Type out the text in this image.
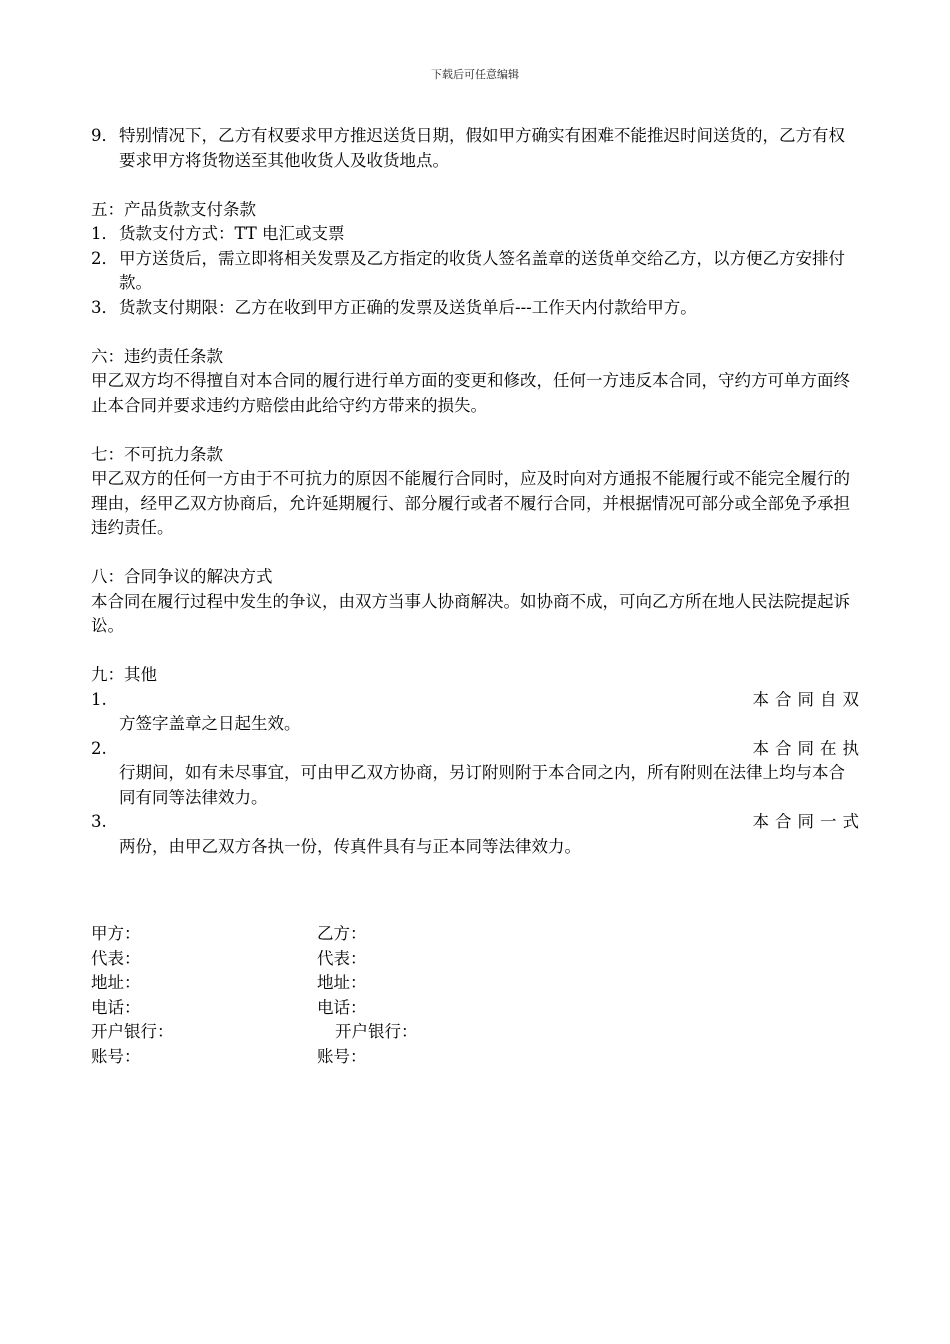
下载后可任意编辑
9． 特别情况下，乙方有权要求甲方推迟送货日期，假如甲方确实有困难不能推迟时间送货的，乙方有权要求甲方将货物送至其他收货人及收货地点。

五：产品货款支付条款

1． 货款支付方式：TT 电汇或支票
2． 甲方送货后，需立即将相关发票及乙方指定的收货人签名盖章的送货单交给乙方，以方便乙方安排付款。
3． 货款支付期限：乙方在收到甲方正确的发票及送货单后---工作天内付款给甲方。

六：违约责任条款

甲乙双方均不得擅自对本合同的履行进行单方面的变更和修改，任何一方违反本合同，守约方可单方面终止本合同并要求违约方赔偿由此给守约方带来的损失。

七：不可抗力条款

甲乙双方的任何一方由于不可抗力的原因不能履行合同时，应及时向对方通报不能履行或不能完全履行的理由，经甲乙双方协商后，允许延期履行、部分履行或者不履行合同，并根据情况可部分或全部免予承担违约责任。

八：合同争议的解决方式

本合同在履行过程中发生的争议，由双方当事人协商解决。如协商不成，可向乙方所在地人民法院提起诉讼。

九：其他

1.	本合同自双
方签字盖章之日起生效。
2.	本合同在执
行期间，如有未尽事宜，可由甲乙双方协商，另订附则附于本合同之内，所有附则在法律上均与本合同有同等法律效力。
3.	本合同一式
两份，由甲乙双方各执一份，传真件具有与正本同等法律效力。
甲方：	乙方：
代表：	代表：
地址：	地址：
电话：	电话：
开户银行：	开户银行：
账号：	账号：
